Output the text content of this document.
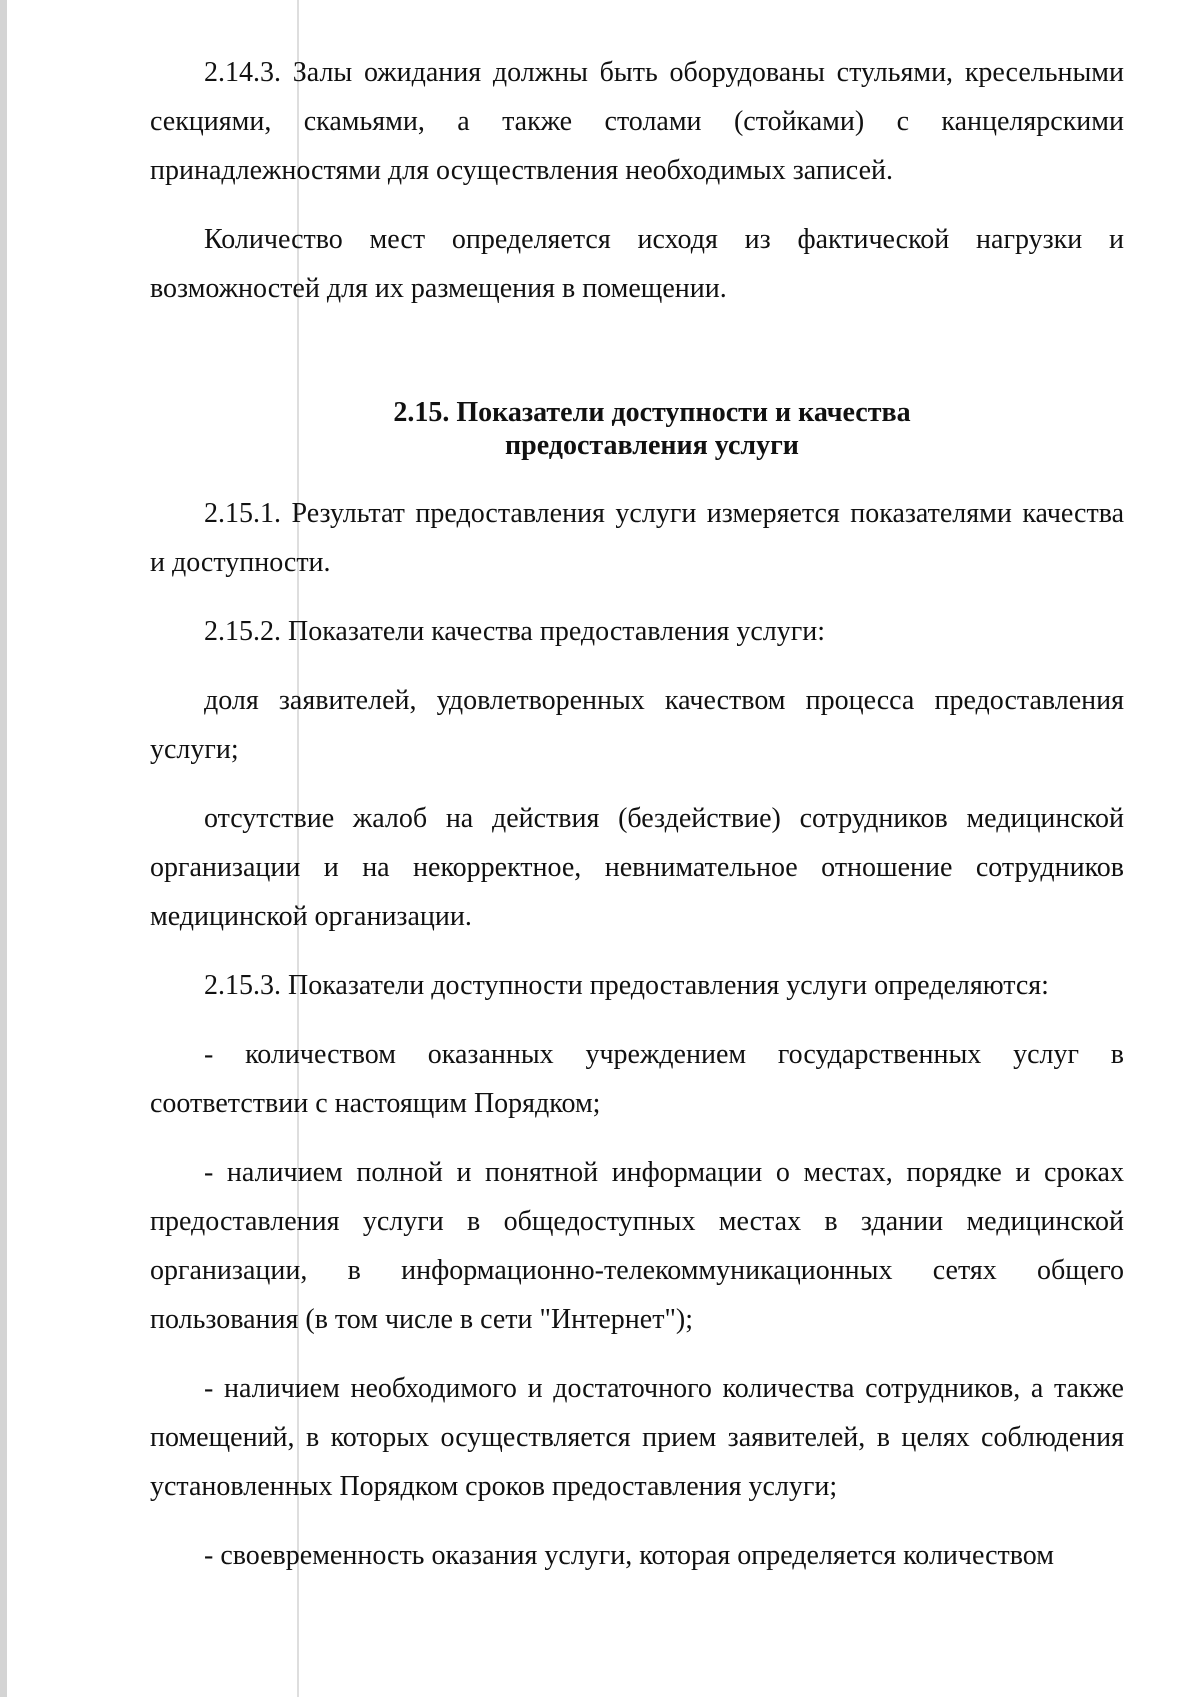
2.14.3. Залы ожидания должны быть оборудованы стульями, кресельными секциями, скамьями, а также столами (стойками) с канцелярскими принадлежностями для осуществления необходимых записей.

Количество мест определяется исходя из фактической нагрузки и возможностей для их размещения в помещении.

2.15. Показатели доступности и качества
предоставления услуги

2.15.1. Результат предоставления услуги измеряется показателями качества и доступности.

2.15.2. Показатели качества предоставления услуги:

доля заявителей, удовлетворенных качеством процесса предоставления услуги;

отсутствие жалоб на действия (бездействие) сотрудников медицинской организации и на некорректное, невнимательное отношение сотрудников медицинской организации.

2.15.3. Показатели доступности предоставления услуги определяются:

- количеством оказанных учреждением государственных услуг в соответствии с настоящим Порядком;

- наличием полной и понятной информации о местах, порядке и сроках предоставления услуги в общедоступных местах в здании медицинской организации, в информационно-телекоммуникационных сетях общего пользования (в том числе в сети "Интернет");

- наличием необходимого и достаточного количества сотрудников, а также помещений, в которых осуществляется прием заявителей, в целях соблюдения установленных Порядком сроков предоставления услуги;

- своевременность оказания услуги, которая определяется количеством
